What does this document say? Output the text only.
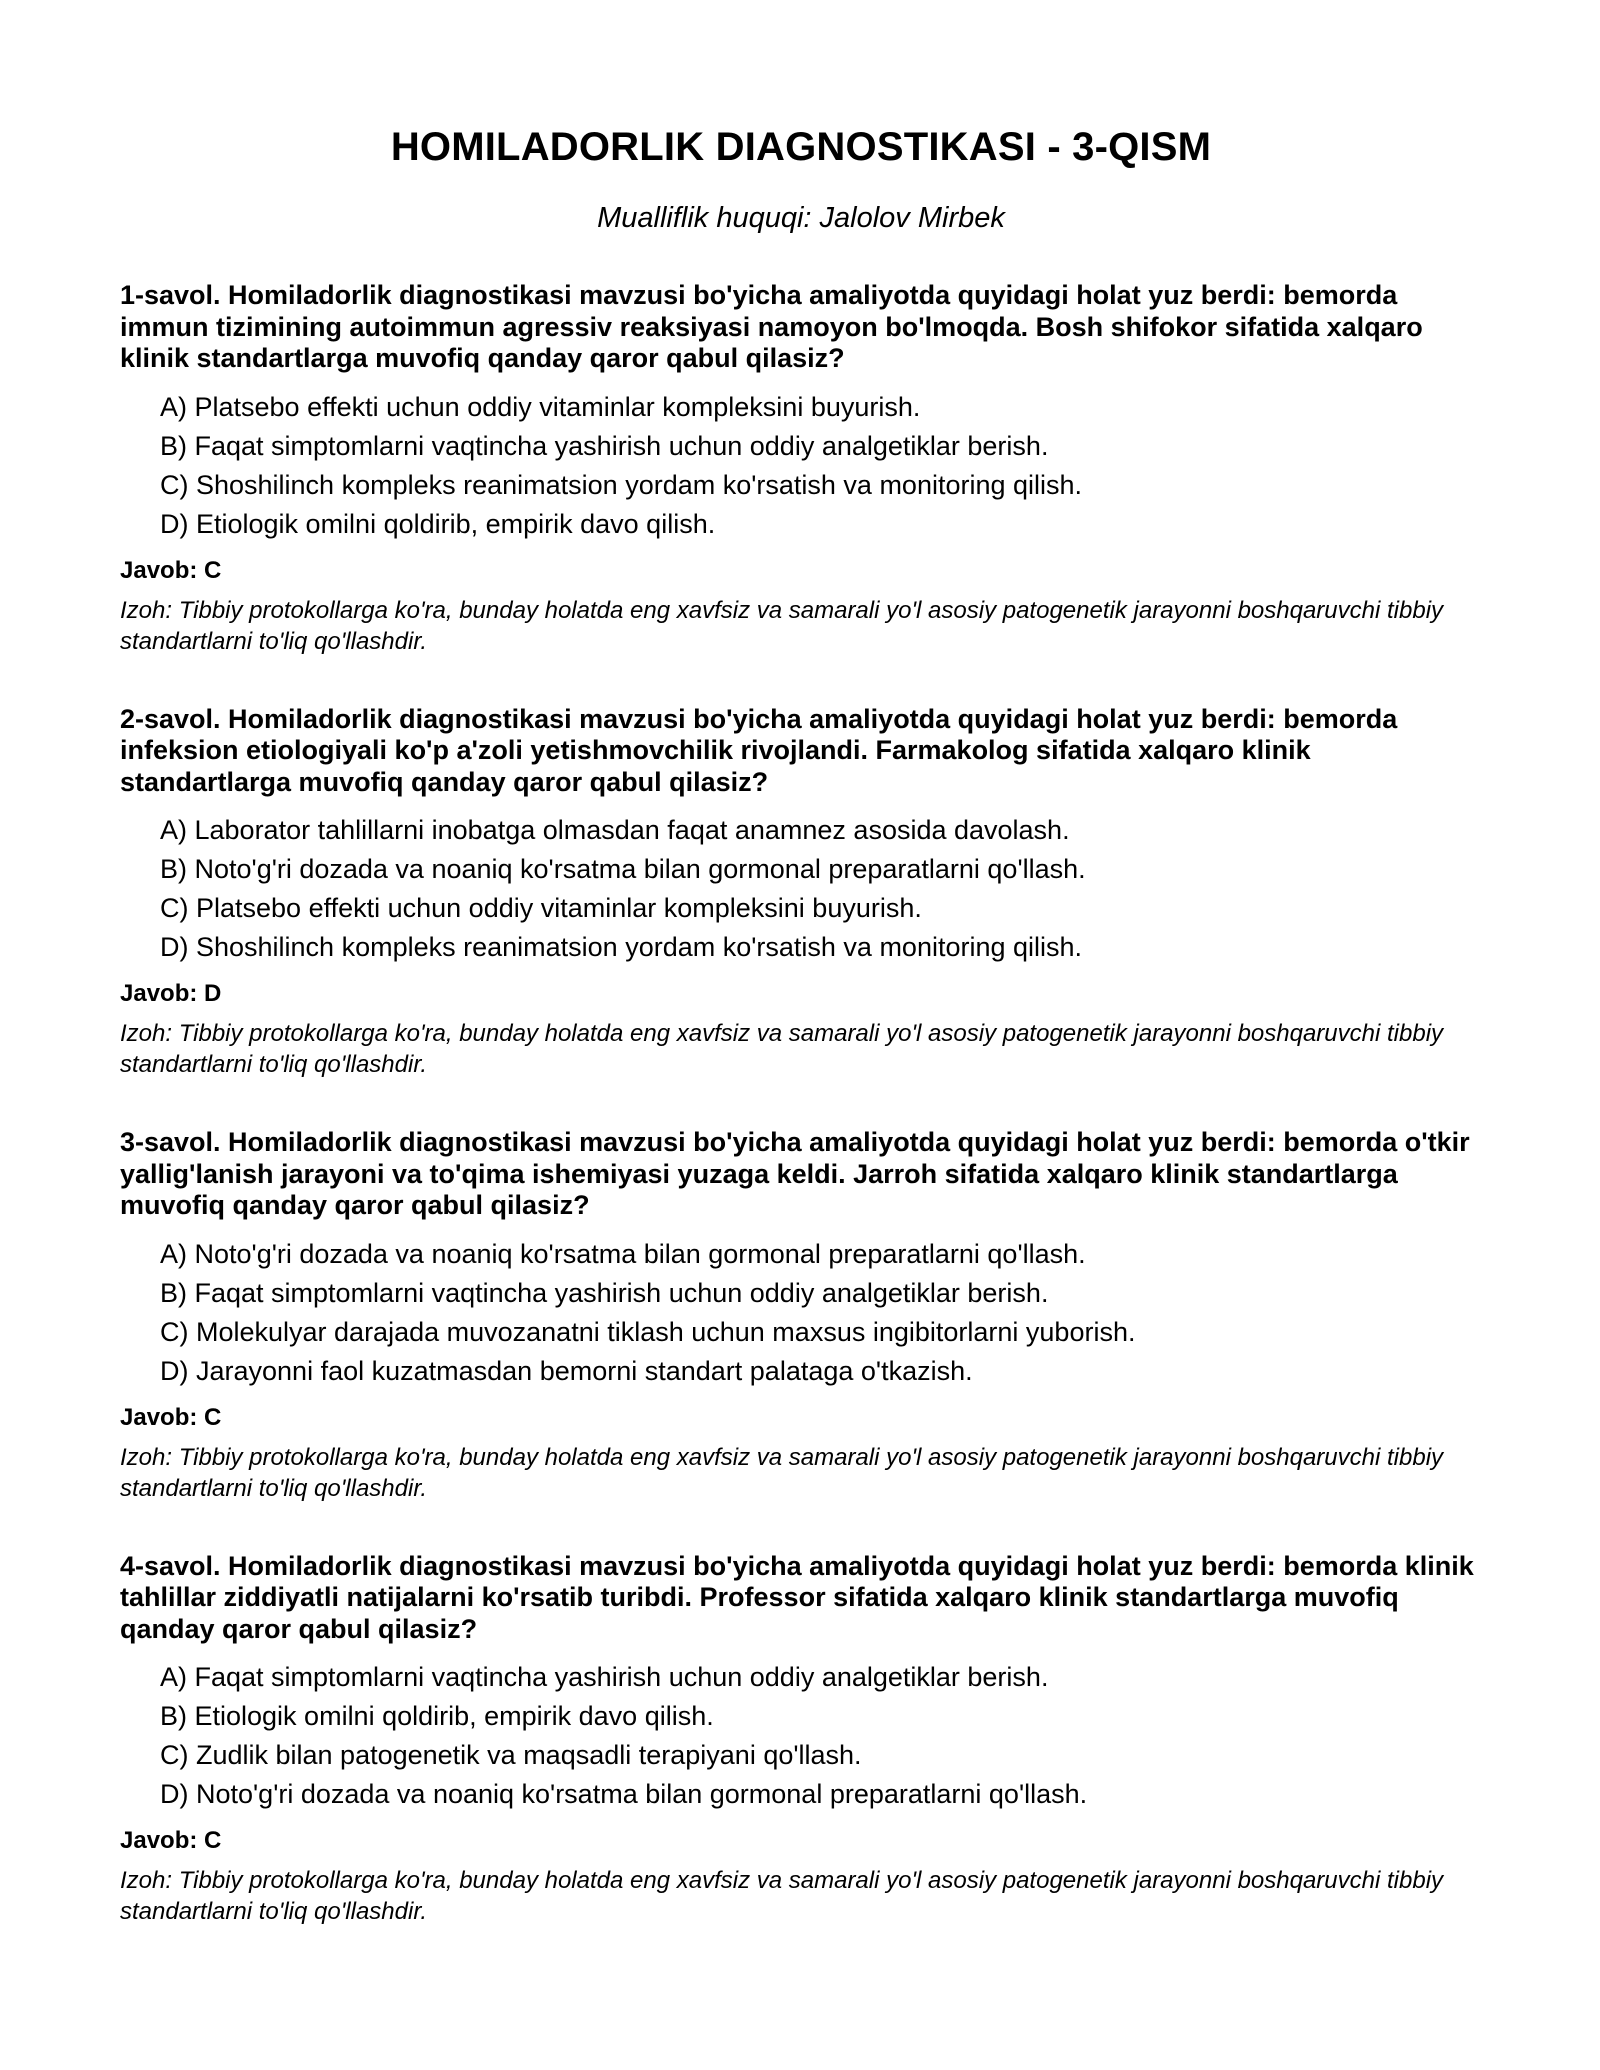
HOMILADORLIK DIAGNOSTIKASI - 3-QISM

Mualliflik huquqi: Jalolov Mirbek

1-savol. Homiladorlik diagnostikasi mavzusi bo'yicha amaliyotda quyidagi holat yuz berdi: bemorda immun tizimining autoimmun agressiv reaksiyasi namoyon bo'lmoqda. Bosh shifokor sifatida xalqaro klinik standartlarga muvofiq qanday qaror qabul qilasiz?

A) Platsebo effekti uchun oddiy vitaminlar kompleksini buyurish.
B) Faqat simptomlarni vaqtincha yashirish uchun oddiy analgetiklar berish.
C) Shoshilinch kompleks reanimatsion yordam ko'rsatish va monitoring qilish.
D) Etiologik omilni qoldirib, empirik davo qilish.

Javob: C

Izoh: Tibbiy protokollarga ko'ra, bunday holatda eng xavfsiz va samarali yo'l asosiy patogenetik jarayonni boshqaruvchi tibbiy standartlarni to'liq qo'llashdir.

2-savol. Homiladorlik diagnostikasi mavzusi bo'yicha amaliyotda quyidagi holat yuz berdi: bemorda infeksion etiologiyali ko'p a'zoli yetishmovchilik rivojlandi. Farmakolog sifatida xalqaro klinik standartlarga muvofiq qanday qaror qabul qilasiz?

A) Laborator tahlillarni inobatga olmasdan faqat anamnez asosida davolash.
B) Noto'g'ri dozada va noaniq ko'rsatma bilan gormonal preparatlarni qo'llash.
C) Platsebo effekti uchun oddiy vitaminlar kompleksini buyurish.
D) Shoshilinch kompleks reanimatsion yordam ko'rsatish va monitoring qilish.

Javob: D

Izoh: Tibbiy protokollarga ko'ra, bunday holatda eng xavfsiz va samarali yo'l asosiy patogenetik jarayonni boshqaruvchi tibbiy standartlarni to'liq qo'llashdir.

3-savol. Homiladorlik diagnostikasi mavzusi bo'yicha amaliyotda quyidagi holat yuz berdi: bemorda o'tkir yallig'lanish jarayoni va to'qima ishemiyasi yuzaga keldi. Jarroh sifatida xalqaro klinik standartlarga muvofiq qanday qaror qabul qilasiz?

A) Noto'g'ri dozada va noaniq ko'rsatma bilan gormonal preparatlarni qo'llash.
B) Faqat simptomlarni vaqtincha yashirish uchun oddiy analgetiklar berish.
C) Molekulyar darajada muvozanatni tiklash uchun maxsus ingibitorlarni yuborish.
D) Jarayonni faol kuzatmasdan bemorni standart palataga o'tkazish.

Javob: C

Izoh: Tibbiy protokollarga ko'ra, bunday holatda eng xavfsiz va samarali yo'l asosiy patogenetik jarayonni boshqaruvchi tibbiy standartlarni to'liq qo'llashdir.

4-savol. Homiladorlik diagnostikasi mavzusi bo'yicha amaliyotda quyidagi holat yuz berdi: bemorda klinik tahlillar ziddiyatli natijalarni ko'rsatib turibdi. Professor sifatida xalqaro klinik standartlarga muvofiq qanday qaror qabul qilasiz?

A) Faqat simptomlarni vaqtincha yashirish uchun oddiy analgetiklar berish.
B) Etiologik omilni qoldirib, empirik davo qilish.
C) Zudlik bilan patogenetik va maqsadli terapiyani qo'llash.
D) Noto'g'ri dozada va noaniq ko'rsatma bilan gormonal preparatlarni qo'llash.

Javob: C

Izoh: Tibbiy protokollarga ko'ra, bunday holatda eng xavfsiz va samarali yo'l asosiy patogenetik jarayonni boshqaruvchi tibbiy standartlarni to'liq qo'llashdir.
